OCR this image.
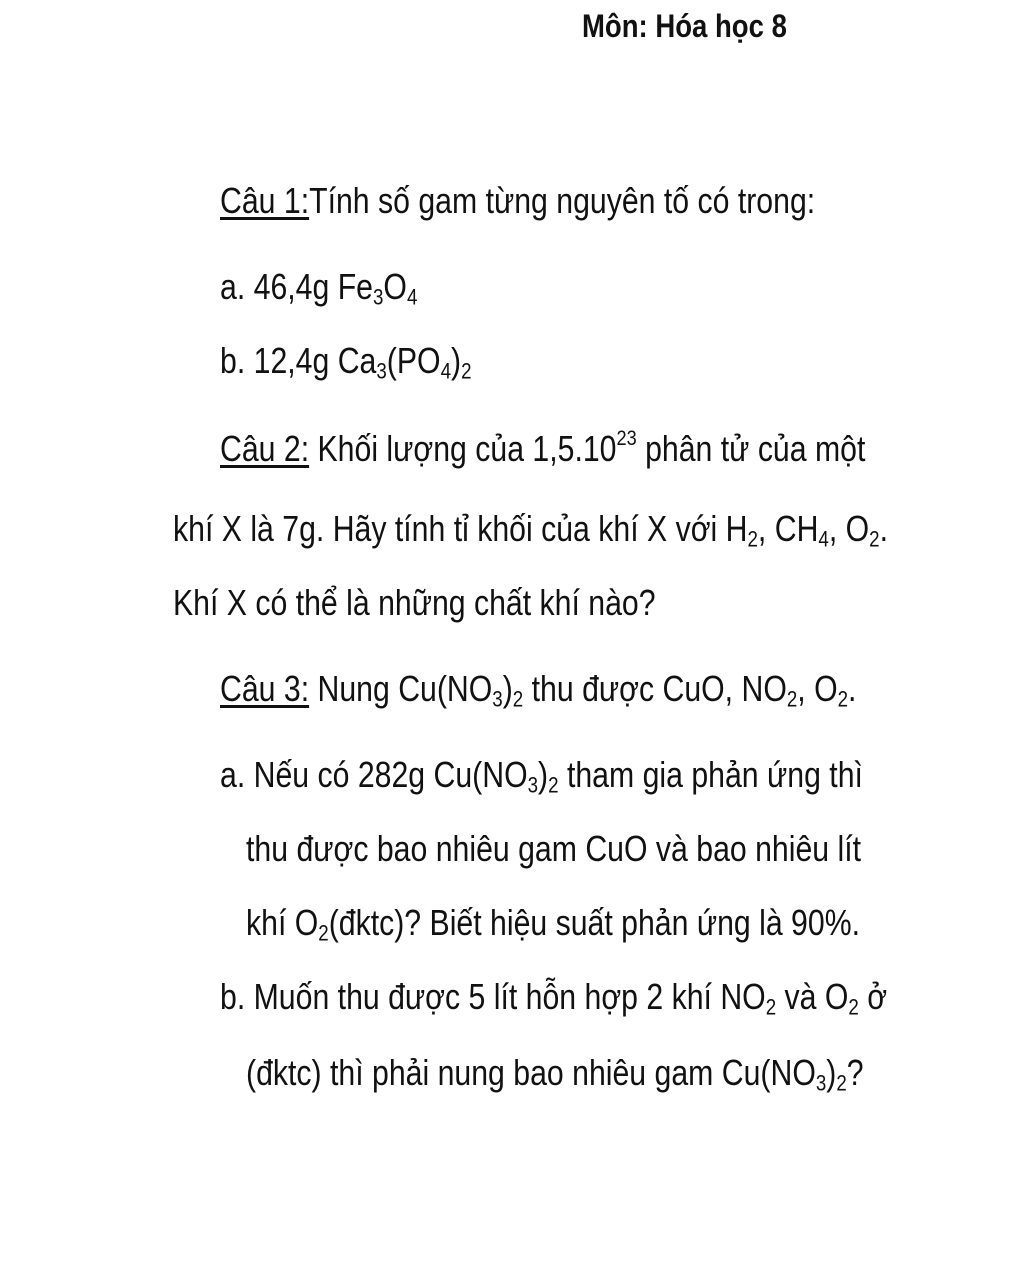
Môn: Hóa học 8
Câu 1:Tính số gam từng nguyên tố có trong:
a. 46,4g $Fe_3O_4$
b. 12,4g $Ca_3(PO_4)_2$
Câu 2: Khối lượng của 1,5.10$^{23}$ phân tử của một
khí X là 7g. Hãy tính tỉ khối của khí X với $H_2$, $CH_4$, $O_2$.
Khí X có thể là những chất khí nào?
Câu 3: Nung $Cu(NO_3)_2$ thu được CuO, $NO_2$, $O_2$.
a. Nếu có 282g $Cu(NO_3)_2$ tham gia phản ứng thì
thu được bao nhiêu gam CuO và bao nhiêu lít
khí $O_2(đktc)$? Biết hiệu suất phản ứng là 90%.
b. Muốn thu được 5 lít hỗn hợp 2 khí $NO_2$ và $O_2$ ở
(đktc) thì phải nung bao nhiêu gam $Cu(NO_3)_2$?
